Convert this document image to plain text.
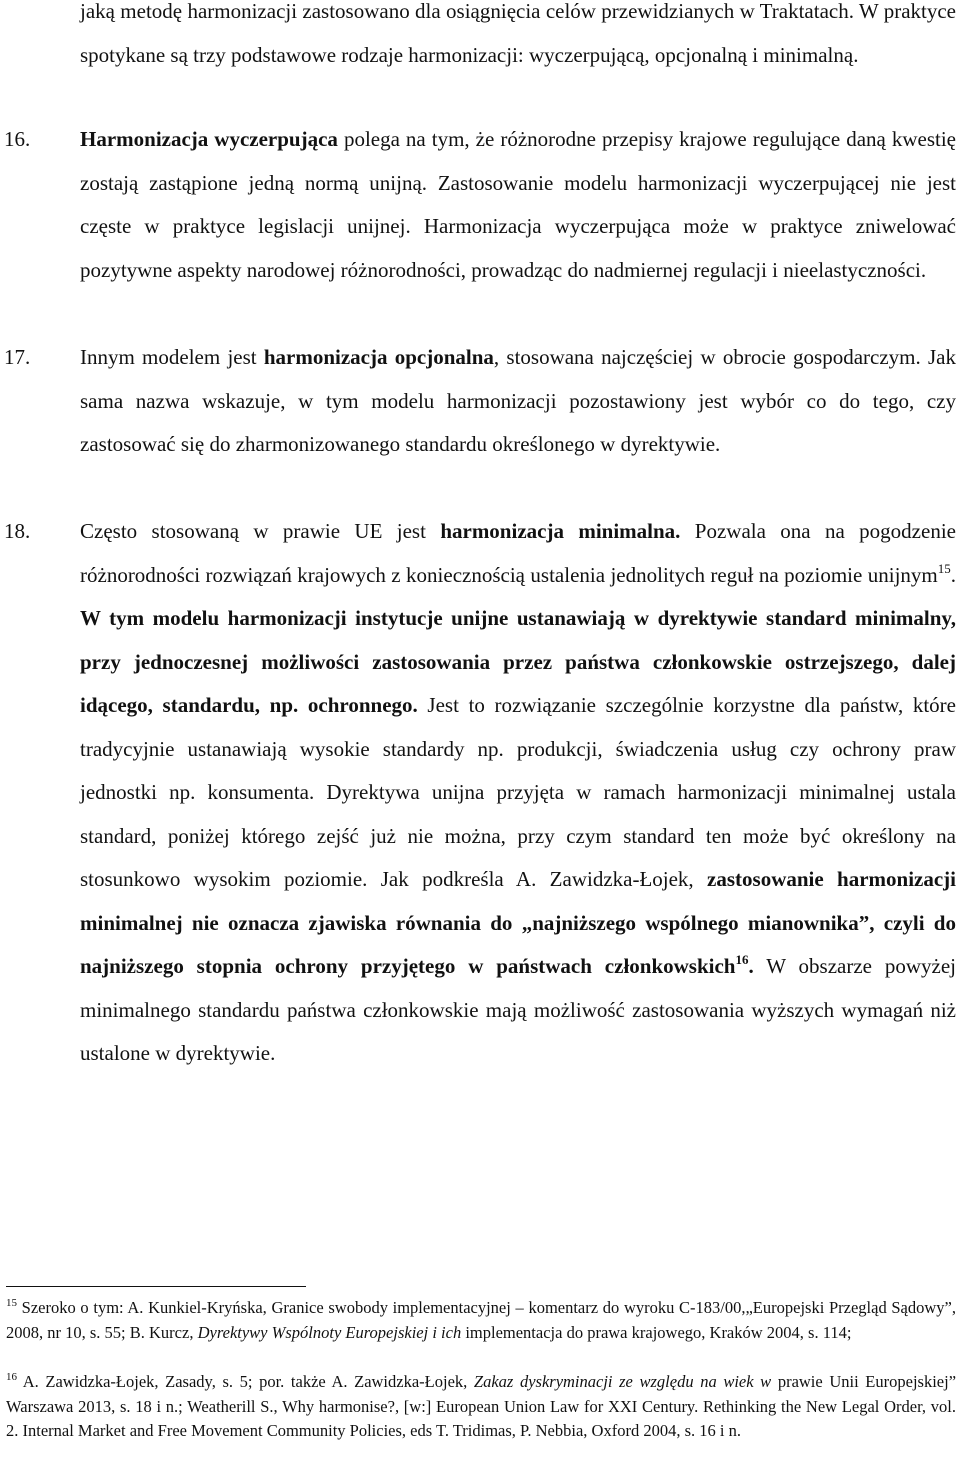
jaką metodę harmonizacji zastosowano dla osiągnięcia celów przewidzianych w Traktatach. W praktyce spotykane są trzy podstawowe rodzaje harmonizacji: wyczerpującą, opcjonalną i minimalną.

16. Harmonizacja wyczerpująca polega na tym, że różnorodne przepisy krajowe regulujące daną kwestię zostają zastąpione jedną normą unijną. Zastosowanie modelu harmonizacji wyczerpującej nie jest częste w praktyce legislacji unijnej. Harmonizacja wyczerpująca może w praktyce zniwelować pozytywne aspekty narodowej różnorodności, prowadząc do nadmiernej regulacji i nieelastyczności.

17. Innym modelem jest harmonizacja opcjonalna, stosowana najczęściej w obrocie gospodarczym. Jak sama nazwa wskazuje, w tym modelu harmonizacji pozostawiony jest wybór co do tego, czy zastosować się do zharmonizowanego standardu określonego w dyrektywie.

18. Często stosowaną w prawie UE jest harmonizacja minimalna. Pozwala ona na pogodzenie różnorodności rozwiązań krajowych z koniecznością ustalenia jednolitych reguł na poziomie unijnym$^{15}$. W tym modelu harmonizacji instytucje unijne ustanawiają w dyrektywie standard minimalny, przy jednoczesnej możliwości zastosowania przez państwa członkowskie ostrzejszego, dalej idącego, standardu, np. ochronnego. Jest to rozwiązanie szczególnie korzystne dla państw, które tradycyjnie ustanawiają wysokie standardy np. produkcji, świadczenia usług czy ochrony praw jednostki np. konsumenta. Dyrektywa unijna przyjęta w ramach harmonizacji minimalnej ustala standard, poniżej którego zejść już nie można, przy czym standard ten może być określony na stosunkowo wysokim poziomie. Jak podkreśla A. Zawidzka-Łojek, zastosowanie harmonizacji minimalnej nie oznacza zjawiska równania do „najniższego wspólnego mianownika”, czyli do najniższego stopnia ochrony przyjętego w państwach członkowskich$^{16}$. W obszarze powyżej minimalnego standardu państwa członkowskie mają możliwość zastosowania wyższych wymagań niż ustalone w dyrektywie.

$^{15}$ Szeroko o tym: A. Kunkiel-Kryńska, Granice swobody implementacyjnej – komentarz do wyroku C-183/00,„Europejski Przegląd Sądowy”, 2008, nr 10, s. 55; B. Kurcz, Dyrektywy Wspólnoty Europejskiej i ich implementacja do prawa krajowego, Kraków 2004, s. 114;

$^{16}$ A. Zawidzka-Łojek, Zasady, s. 5; por. także A. Zawidzka-Łojek, Zakaz dyskryminacji ze względu na wiek w prawie Unii Europejskiej” Warszawa 2013, s. 18 i n.; Weatherill S., Why harmonise?, [w:] European Union Law for XXI Century. Rethinking the New Legal Order, vol. 2. Internal Market and Free Movement Community Policies, eds T. Tridimas, P. Nebbia, Oxford 2004, s. 16 i n.
